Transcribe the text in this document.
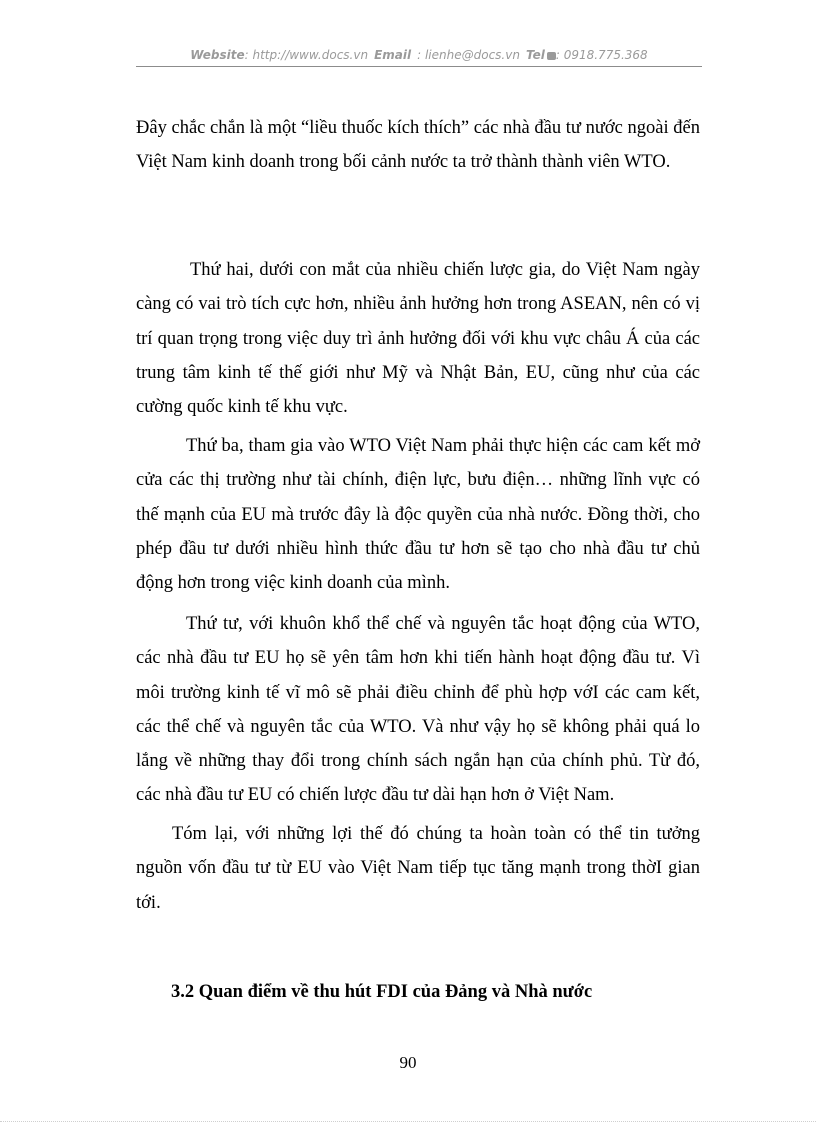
Website: http://www.docs.vn Email : lienhe@docs.vn Tel : 0918.775.368

Đây chắc chắn là một “liều thuốc kích thích” các nhà đầu tư nước ngoài đến Việt Nam kinh doanh trong bối cảnh nước ta trở thành thành viên WTO.

Thứ hai, dưới con mắt của nhiều chiến lược gia, do Việt Nam ngày càng có vai trò tích cực hơn, nhiều ảnh hưởng hơn trong ASEAN, nên có vị trí quan trọng trong việc duy trì ảnh hưởng đối với khu vực châu Á của các trung tâm kinh tế thế giới như Mỹ và Nhật Bản, EU, cũng như của các cường quốc kinh tế khu vực.

Thứ ba, tham gia vào WTO Việt Nam phải thực hiện các cam kết mở cửa các thị trường như tài chính, điện lực, bưu điện… những lĩnh vực có thế mạnh của EU mà trước đây là độc quyền của nhà nước. Đồng thời, cho phép đầu tư dưới nhiều hình thức đầu tư hơn sẽ tạo cho nhà đầu tư chủ động hơn trong việc kinh doanh của mình.

Thứ tư, với khuôn khổ thể chế và nguyên tắc hoạt động của WTO, các nhà đầu tư EU họ sẽ yên tâm hơn khi tiến hành hoạt động đầu tư. Vì môi trường kinh tế vĩ mô sẽ phải điều chỉnh để phù hợp vớI các cam kết, các thể chế và nguyên tắc của WTO. Và như vậy họ sẽ không phải quá lo lắng về những thay đổi trong chính sách ngắn hạn của chính phủ. Từ đó, các nhà đầu tư EU có chiến lược đầu tư dài hạn hơn ở Việt Nam.

Tóm lại, với những lợi thế đó chúng ta hoàn toàn có thể tin tưởng nguồn vốn đầu tư từ EU vào Việt Nam tiếp tục tăng mạnh trong thờI gian tới.

3.2 Quan điểm về thu hút FDI của Đảng và Nhà nước
90
